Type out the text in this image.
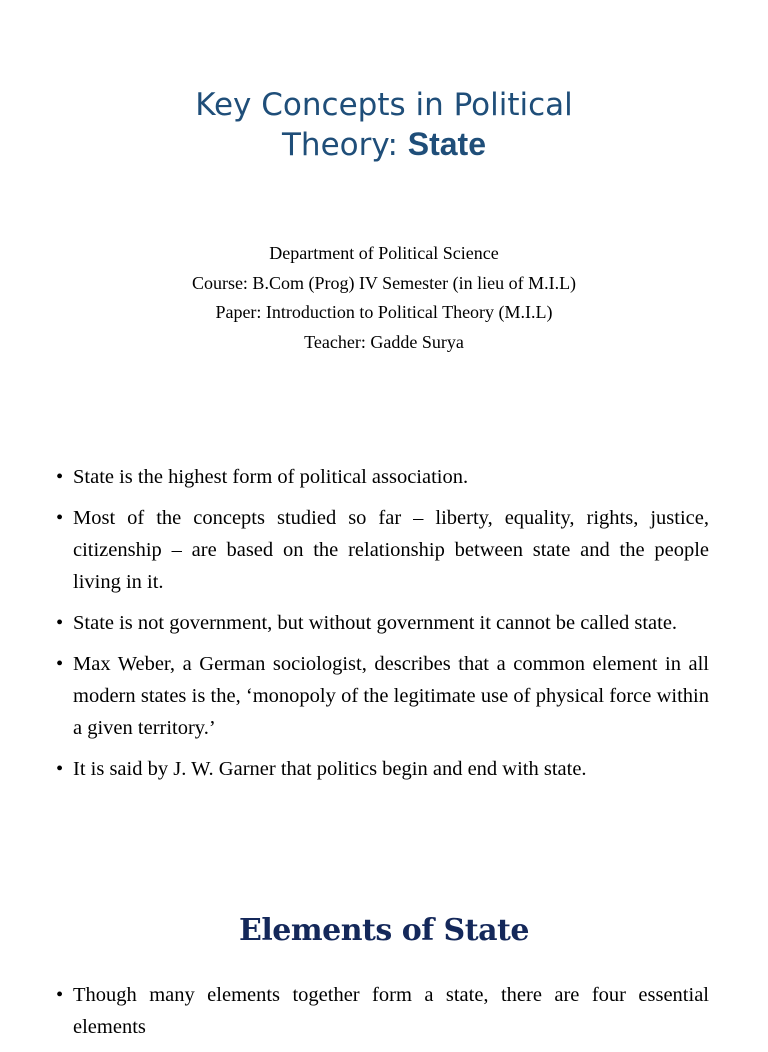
Key Concepts in Political
Theory: State
Department of Political Science
Course: B.Com (Prog) IV Semester (in lieu of M.I.L)
Paper: Introduction to Political Theory (M.I.L)
Teacher: Gadde Surya
• State is the highest form of political association.
• Most of the concepts studied so far – liberty, equality, rights, justice, citizenship – are based on the relationship between state and the people living in it.
• State is not government, but without government it cannot be called state.
• Max Weber, a German sociologist, describes that a common element in all modern states is the, ‘monopoly of the legitimate use of physical force within a given territory.’
• It is said by J. W. Garner that politics begin and end with state.
Elements of State
• Though many elements together form a state, there are four essential elements
